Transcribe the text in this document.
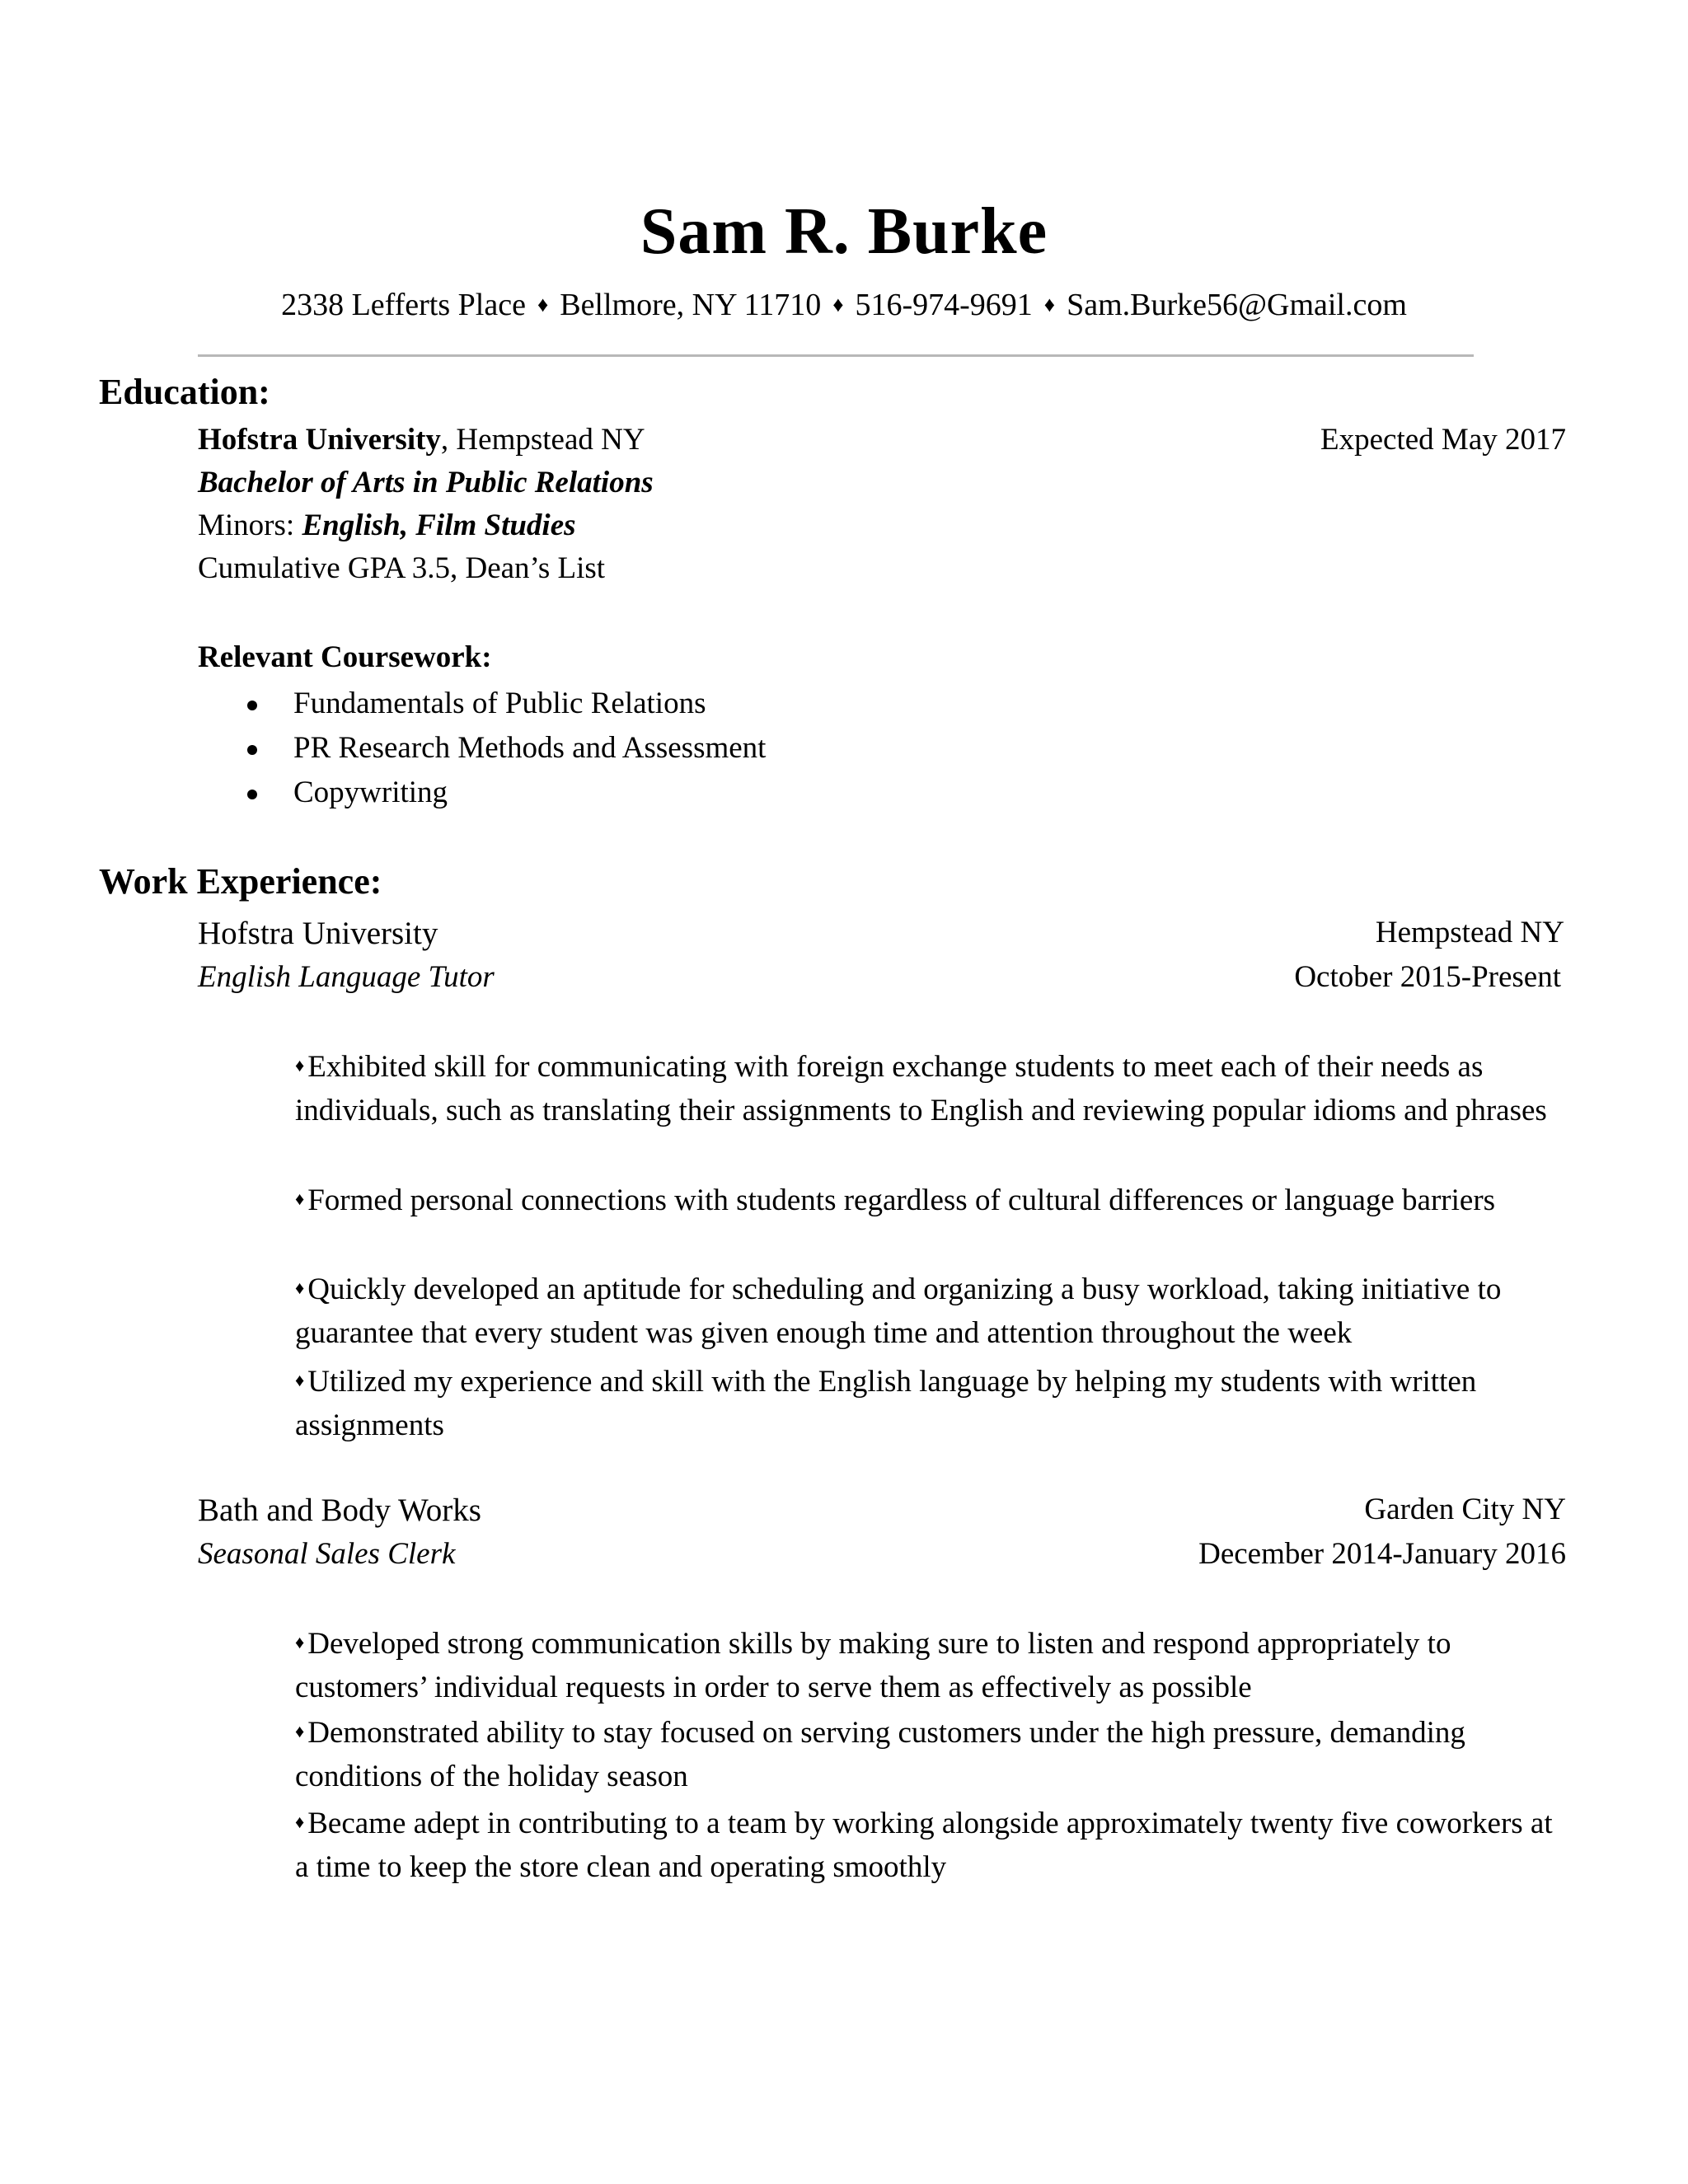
Sam R. Burke
2338 Lefferts Place ♦ Bellmore, NY 11710 ♦ 516-974-9691 ♦ Sam.Burke56@Gmail.com
Education:
Hofstra University, Hempstead NY	Expected May 2017
Bachelor of Arts in Public Relations
Minors: English, Film Studies
Cumulative GPA 3.5, Dean’s List
Relevant Coursework:
Fundamentals of Public Relations
PR Research Methods and Assessment
Copywriting
Work Experience:
Hofstra University	Hempstead NY
English Language Tutor	October 2015-Present
♦ Exhibited skill for communicating with foreign exchange students to meet each of their needs as individuals, such as translating their assignments to English and reviewing popular idioms and phrases
♦ Formed personal connections with students regardless of cultural differences or language barriers
♦ Quickly developed an aptitude for scheduling and organizing a busy workload, taking initiative to guarantee that every student was given enough time and attention throughout the week
♦ Utilized my experience and skill with the English language by helping my students with written assignments
Bath and Body Works	Garden City NY
Seasonal Sales Clerk	December 2014-January 2016
♦ Developed strong communication skills by making sure to listen and respond appropriately to customers’ individual requests in order to serve them as effectively as possible
♦ Demonstrated ability to stay focused on serving customers under the high pressure, demanding conditions of the holiday season
♦ Became adept in contributing to a team by working alongside approximately twenty five coworkers at a time to keep the store clean and operating smoothly
